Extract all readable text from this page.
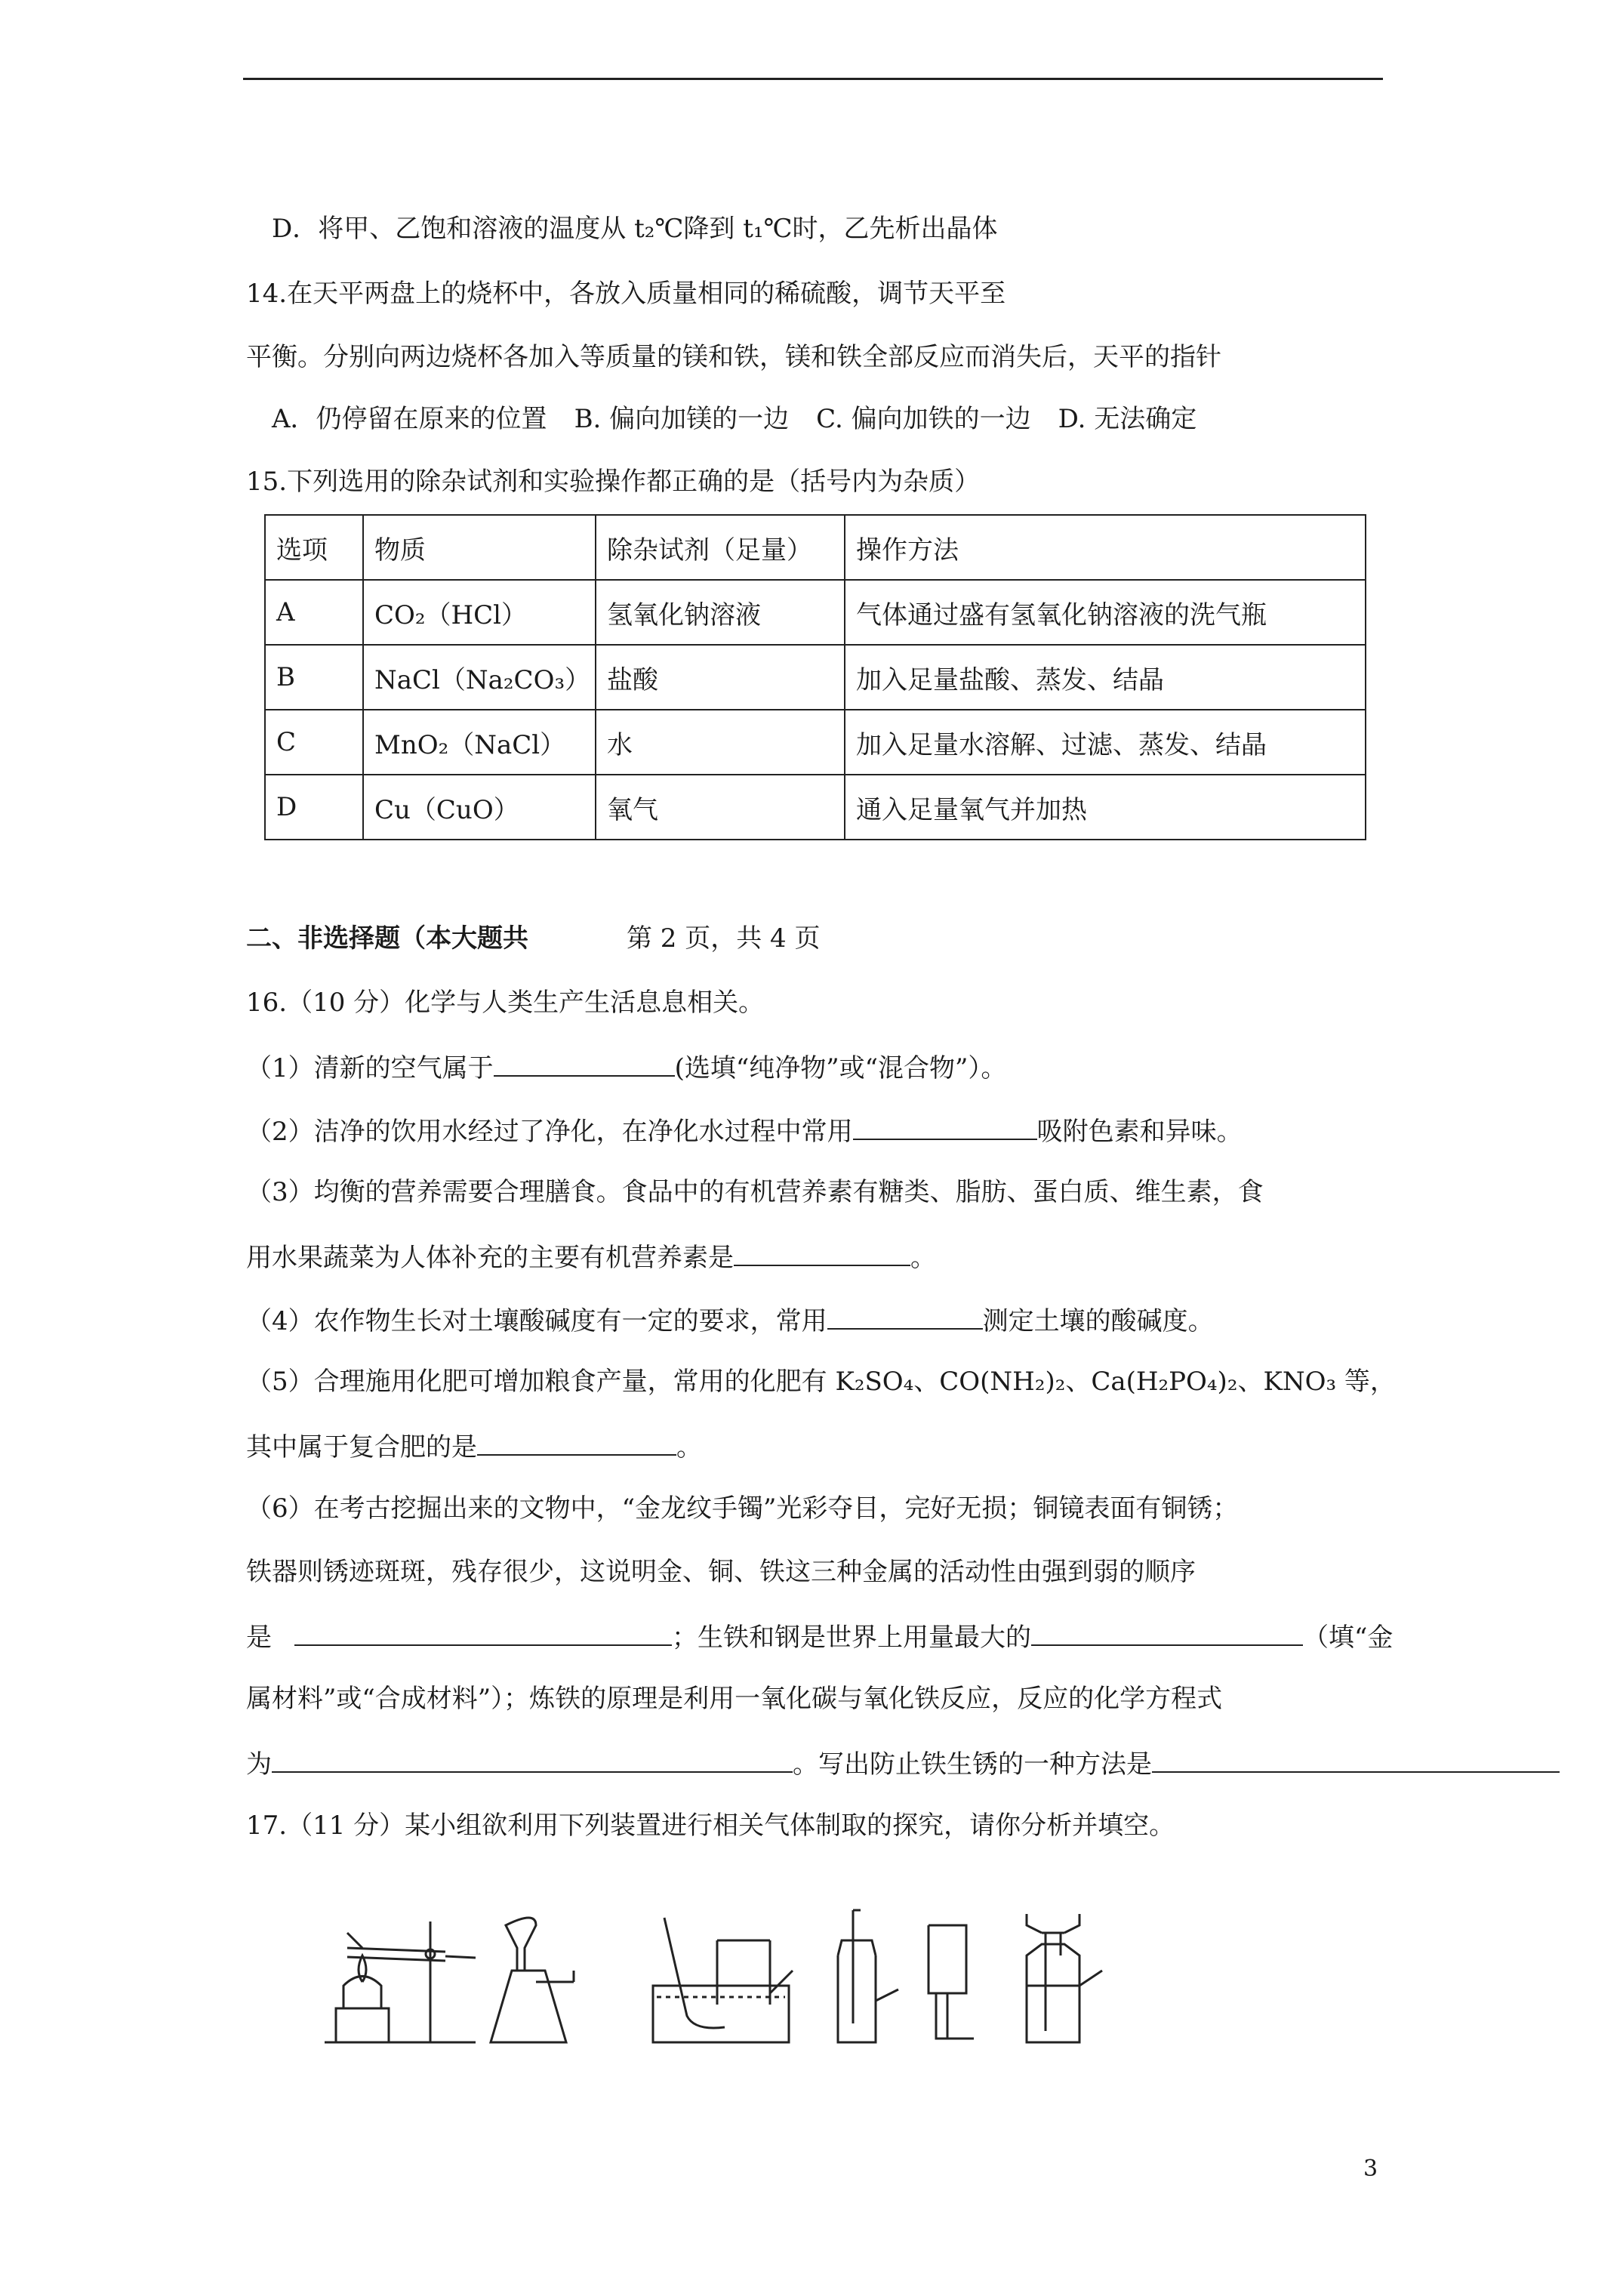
D．将甲、乙饱和溶液的温度从 t₂℃降到 t₁℃时，乙先析出晶体
14.在天平两盘上的烧杯中，各放入质量相同的稀硫酸，调节天平至
平衡。分别向两边烧杯各加入等质量的镁和铁，镁和铁全部反应而消失后，天平的指针
A．仍停留在原来的位置 B. 偏向加镁的一边 C. 偏向加铁的一边 D. 无法确定
15.下列选用的除杂试剂和实验操作都正确的是（括号内为杂质）
选项	物质	除杂试剂（足量）	操作方法
A	CO₂（HCl）	氢氧化钠溶液	气体通过盛有氢氧化钠溶液的洗气瓶
B	NaCl（Na₂CO₃）	盐酸	加入足量盐酸、蒸发、结晶
C	MnO₂（NaCl）	水	加入足量水溶解、过滤、蒸发、结晶
D	Cu（CuO）	氧气	通入足量氧气并加热
二、非选择题（本大题共	第 2 页，共 4 页
16.（10 分）化学与人类生产生活息息相关。
（1）清新的空气属于	(选填“纯净物”或“混合物”）。
（2）洁净的饮用水经过了净化，在净化水过程中常用	吸附色素和异味。
（3）均衡的营养需要合理膳食。食品中的有机营养素有糖类、脂肪、蛋白质、维生素，食
用水果蔬菜为人体补充的主要有机营养素是	。
（4）农作物生长对土壤酸碱度有一定的要求，常用	测定土壤的酸碱度。
（5）合理施用化肥可增加粮食产量，常用的化肥有 K₂SO₄、CO(NH₂)₂、Ca(H₂PO₄)₂、KNO₃ 等，
其中属于复合肥的是	。
（6）在考古挖掘出来的文物中，“金龙纹手镯”光彩夺目，完好无损；铜镜表面有铜锈；
铁器则锈迹斑斑，残存很少，这说明金、铜、铁这三种金属的活动性由强到弱的顺序
是	；生铁和钢是世界上用量最大的	（填“金
属材料”或“合成材料”）；炼铁的原理是利用一氧化碳与氧化铁反应，反应的化学方程式
为	。写出防止铁生锈的一种方法是
17.（11 分）某小组欲利用下列装置进行相关气体制取的探究，请你分析并填空。
3
